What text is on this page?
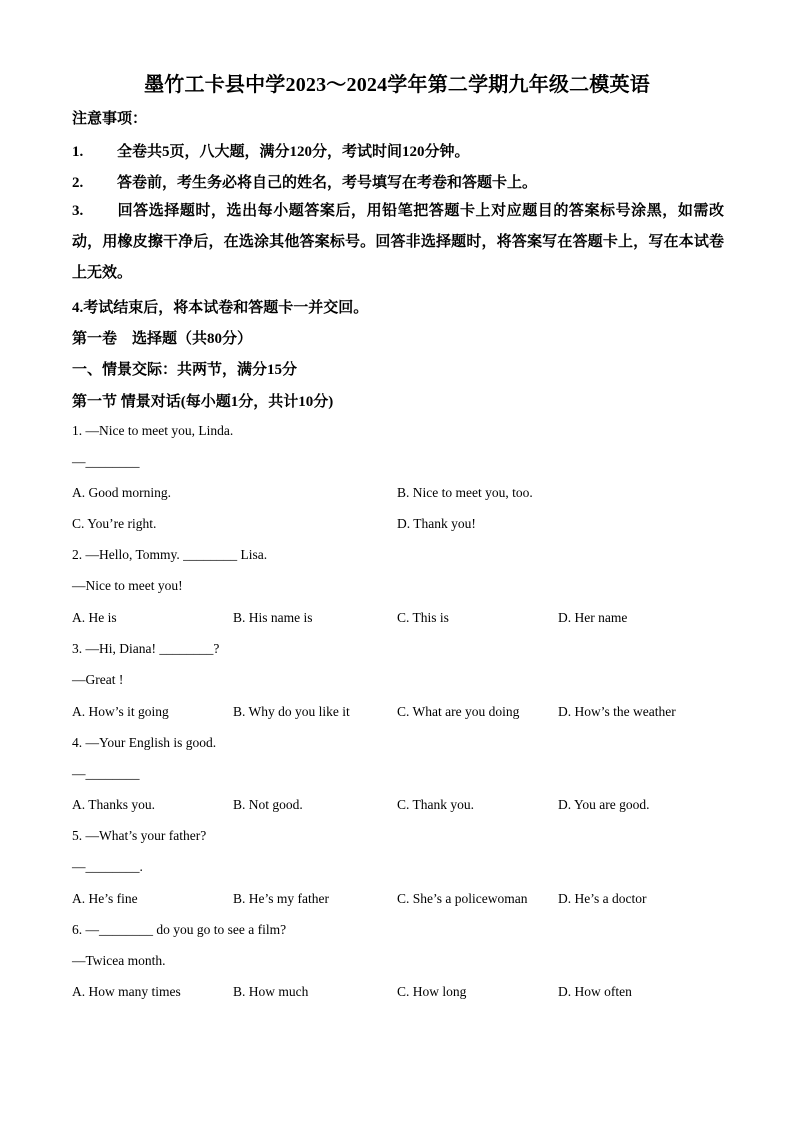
墨竹工卡县中学2023～2024学年第二学期九年级二模英语
注意事项：
1. 全卷共5页，八大题，满分120分，考试时间120分钟。
2. 答卷前，考生务必将自己的姓名，考号填写在考卷和答题卡上。
3. 回答选择题时，选出每小题答案后，用铅笔把答题卡上对应题目的答案标号涂黑，如需改动，用橡皮擦干净后，在选涂其他答案标号。回答非选择题时，将答案写在答题卡上，写在本试卷上无效。
4.考试结束后，将本试卷和答题卡一并交回。
第一卷　选择题（共80分）
一、情景交际：共两节，满分15分
第一节 情景对话(每小题1分，共计10分)
1. —Nice to meet you, Linda.
—________
A. Good morning.	B. Nice to meet you, too.
C. You’re right.	D. Thank you!
2. —Hello, Tommy. ________ Lisa.
—Nice to meet you!
A. He is	B. His name is	C. This is	D. Her name
3. —Hi, Diana! ________?
—Great !
A. How’s it going	B. Why do you like it	C. What are you doing	D. How’s the weather
4. —Your English is good.
—________
A. Thanks you.	B. Not good.	C. Thank you.	D. You are good.
5. —What’s your father?
—________.
A. He’s fine	B. He’s my father	C. She’s a policewoman D. He’s a doctor
6. —________ do you go to see a film?
—Twicea month.
A. How many times	B. How much	C. How long	D. How often
